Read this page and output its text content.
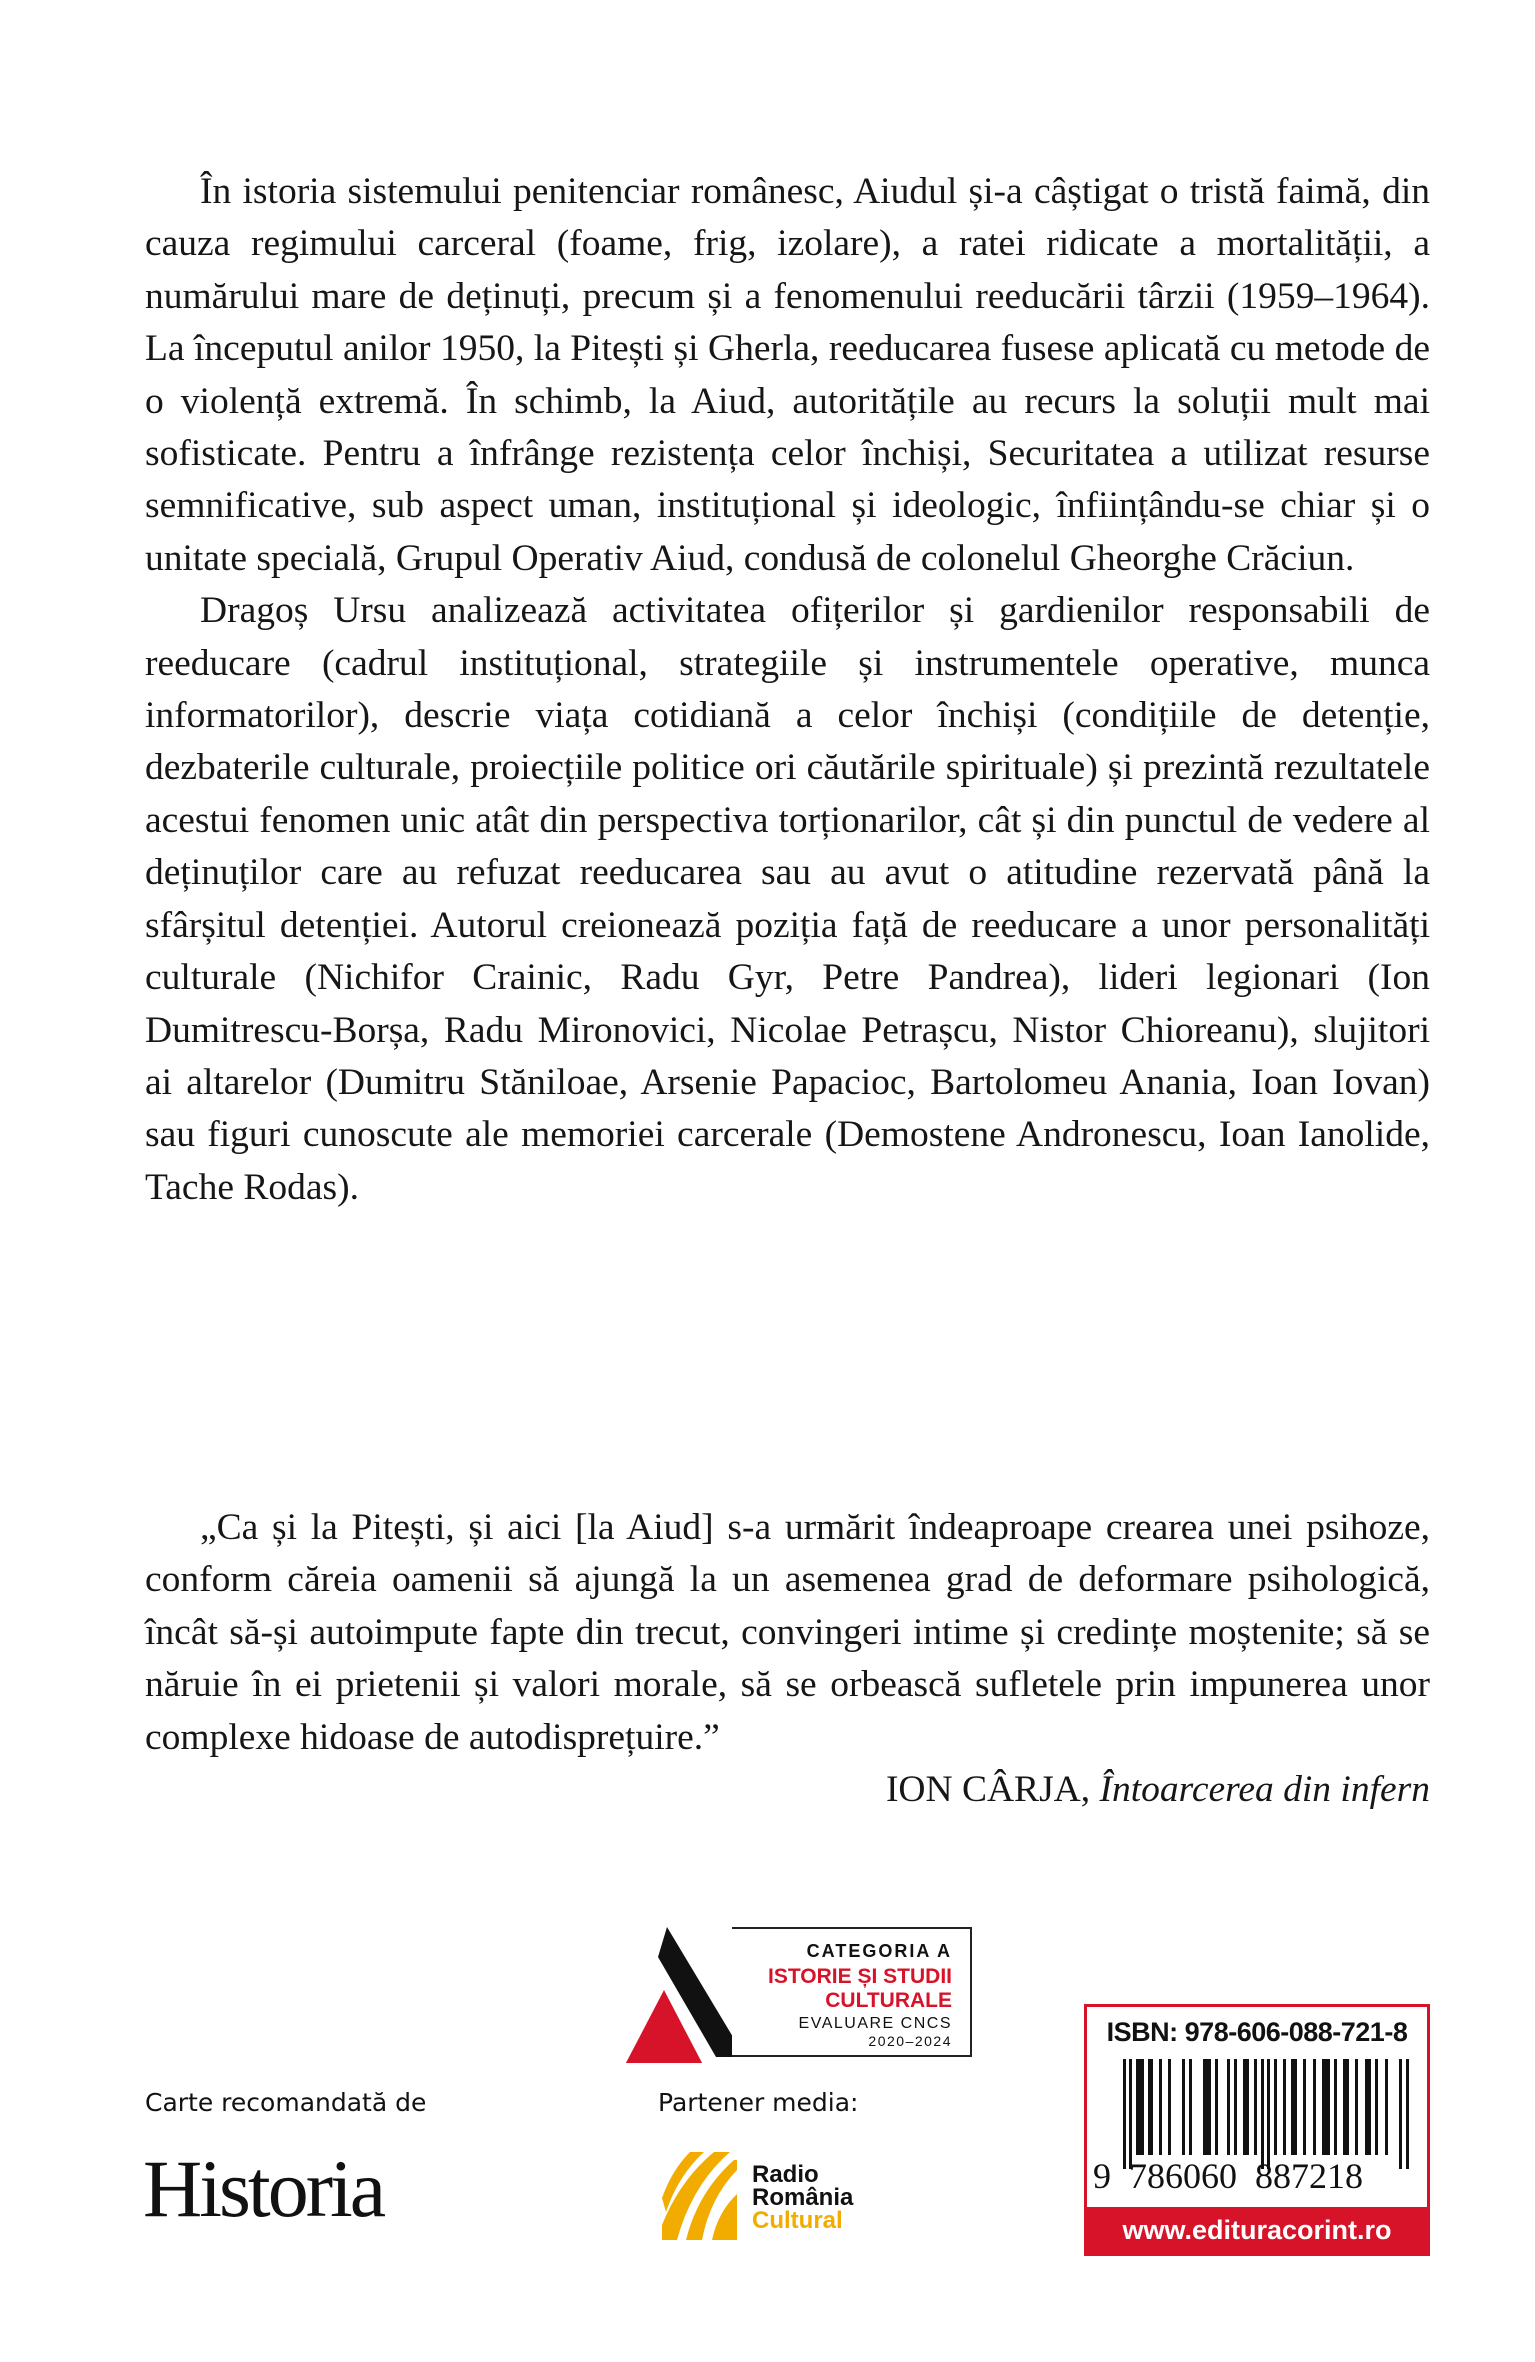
În istoria sistemului penitenciar românesc, Aiudul și-a câștigat o tristă faimă, din cauza regimului carceral (foame, frig, izolare), a ratei ridicate a mortalității, a numărului mare de deținuți, precum și a fenomenului reeducării târzii (1959–1964). La începutul anilor 1950, la Pitești și Gherla, reeducarea fusese aplicată cu metode de o violență extremă. În schimb, la Aiud, autoritățile au recurs la soluții mult mai sofisticate. Pentru a înfrânge rezistența celor închiși, Securitatea a utilizat resurse semnificative, sub aspect uman, instituțional și ideologic, înființându-se chiar și o unitate specială, Grupul Operativ Aiud, condusă de colonelul Gheorghe Crăciun.

Dragoș Ursu analizează activitatea ofițerilor și gardienilor responsabili de reeducare (cadrul instituțional, strategiile și instrumentele operative, munca informatorilor), descrie viața cotidiană a celor închiși (condițiile de detenție, dezbaterile culturale, proiecțiile politice ori căutările spirituale) și prezintă rezultatele acestui fenomen unic atât din perspectiva torționarilor, cât și din punctul de vedere al deținuților care au refuzat reeducarea sau au avut o atitudine rezervată până la sfârșitul detenției. Autorul creionează poziția față de reeducare a unor personalități culturale (Nichifor Crainic, Radu Gyr, Petre Pandrea), lideri legionari (Ion Dumitrescu-Borșa, Radu Mironovici, Nicolae Petrașcu, Nistor Chioreanu), slujitori ai altarelor (Dumitru Stăniloae, Arsenie Papacioc, Bartolomeu Anania, Ioan Iovan) sau figuri cunoscute ale memoriei carcerale (Demostene Andronescu, Ioan Ianolide, Tache Rodas).

„Ca și la Pitești, și aici [la Aiud] s-a urmărit îndeaproape crearea unei psihoze, conform căreia oamenii să ajungă la un asemenea grad de deformare psihologică, încât să-și autoimpute fapte din trecut, convingeri intime și credințe moștenite; să se năruie în ei prietenii și valori morale, să se orbească sufletele prin impunerea unor complexe hidoase de autodisprețuire.”

ION CÂRJA, Întoarcerea din infern
CATEGORIA A
ISTORIE ȘI STUDII
CULTURALE
EVALUARE CNCS
2020–2024	ISBN: 978-606-088-721-8
9  786060  887218
www.edituracorint.ro
Carte recomandată de
Historia
Partener media:
Radio
România
Cultural
